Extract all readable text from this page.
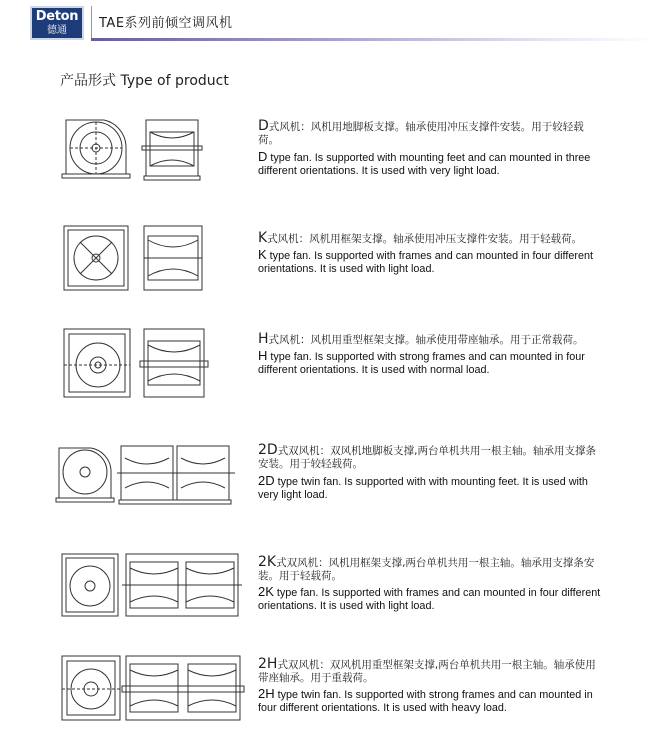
Deton
德通	TAE系列前倾空调风机
产品形式 Type of product
D式风机：风机用地脚板支撑。轴承使用冲压支撑件安装。用于较轻载荷。
D type fan. Is supported with mounting feet and can mounted in three different orientations. It is used with very light load.
K式风机：风机用框架支撑。轴承使用冲压支撑件安装。用于轻载荷。
K type fan. Is supported with frames and can mounted in four different orientations. It is used with light load.
H式风机：风机用重型框架支撑。轴承使用带座轴承。用于正常载荷。
H type fan. Is supported with strong frames and can mounted in four different orientations. It is used with normal load.
2D式双风机：双风机地脚板支撑,两台单机共用一根主轴。轴承用支撑条安装。用于较轻载荷。
2D type twin fan. Is supported with with mounting feet. It is used with very light load.
2K式双风机：风机用框架支撑,两台单机共用一根主轴。轴承用支撑条安装。用于轻载荷。
2K type fan. Is supported with frames and can mounted in four different orientations. It is used with light load.
2H式双风机：双风机用重型框架支撑,两台单机共用一根主轴。轴承使用带座轴承。用于重载荷。
2H type twin fan. Is supported with strong frames and can mounted in four different orientations. It is used with heavy load.
